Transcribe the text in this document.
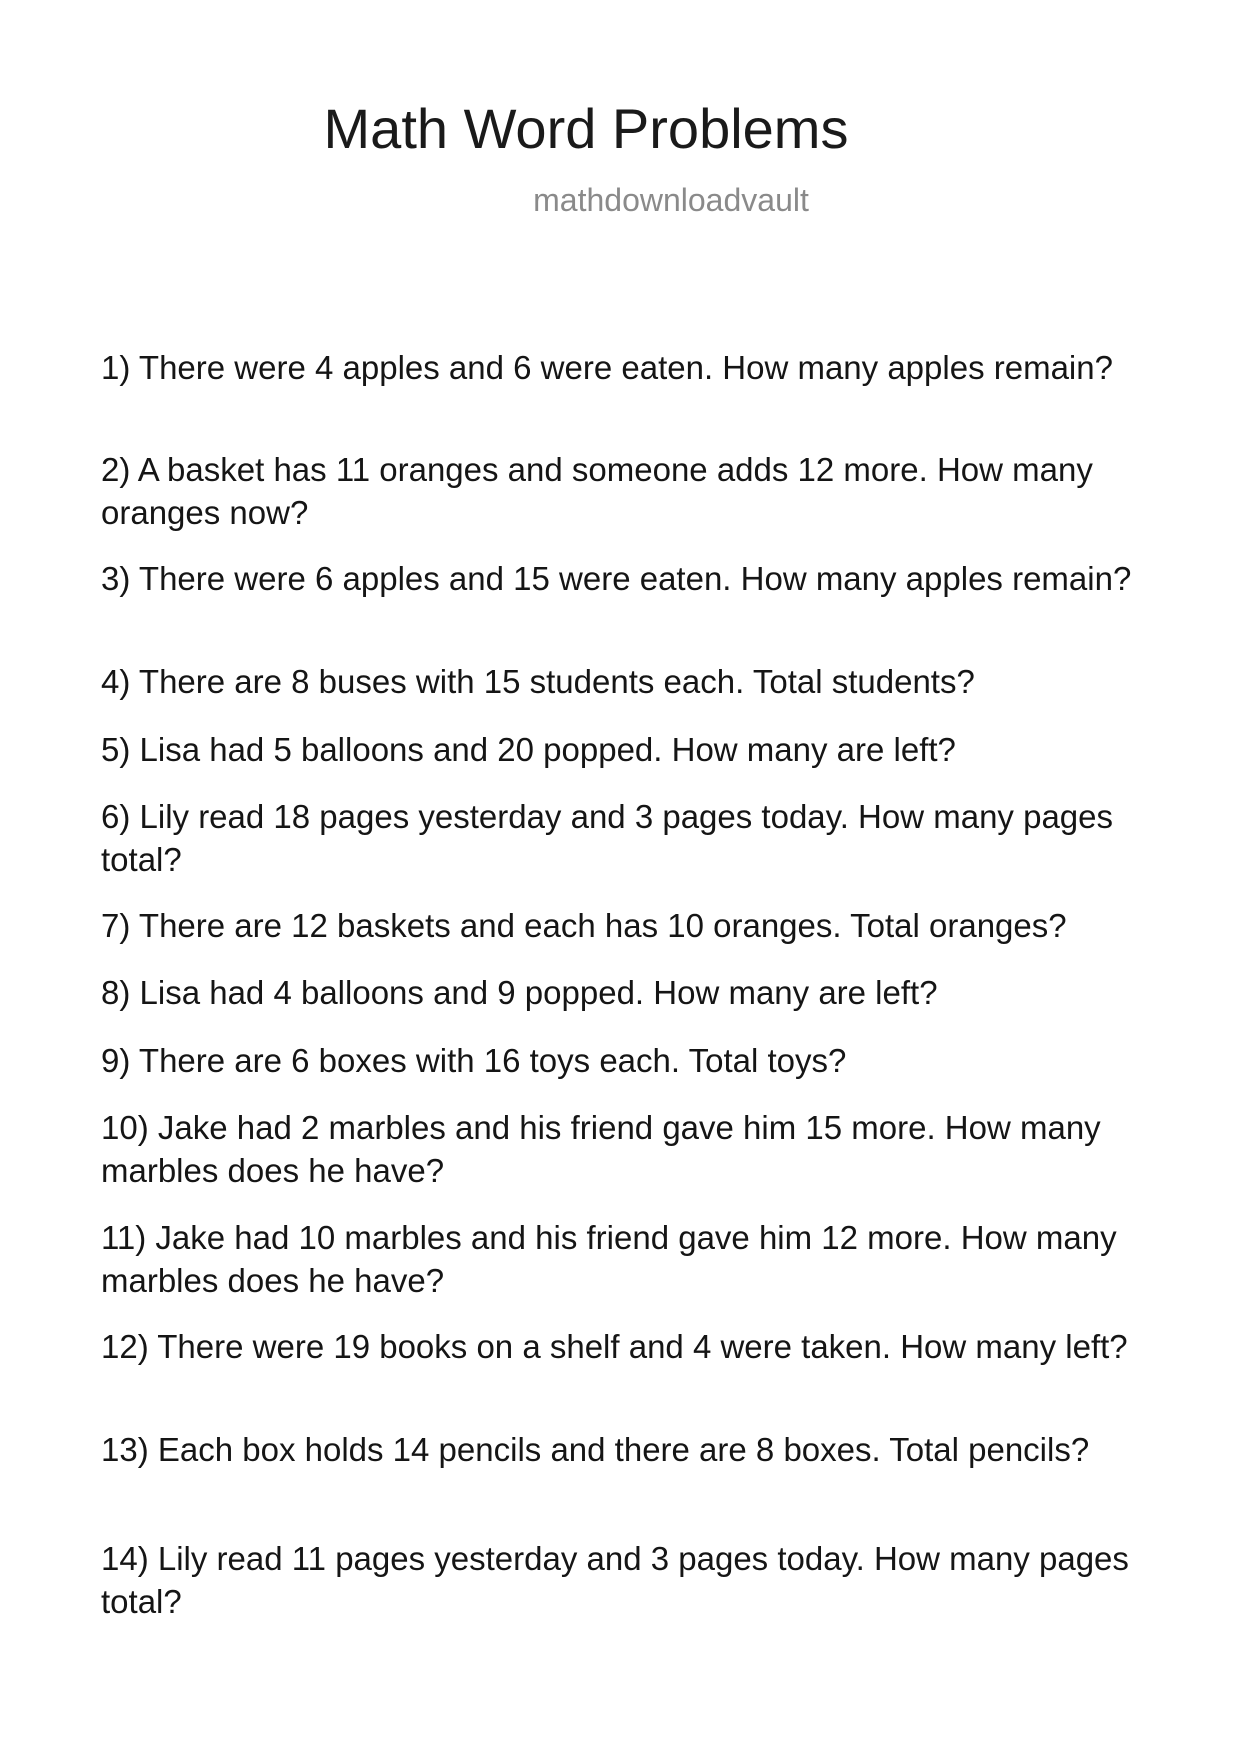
Math Word Problems
mathdownloadvault

1) There were 4 apples and 6 were eaten. How many apples remain?

2) A basket has 11 oranges and someone adds 12 more. How many oranges now?

3) There were 6 apples and 15 were eaten. How many apples remain?

4) There are 8 buses with 15 students each. Total students?

5) Lisa had 5 balloons and 20 popped. How many are left?

6) Lily read 18 pages yesterday and 3 pages today. How many pages total?

7) There are 12 baskets and each has 10 oranges. Total oranges?

8) Lisa had 4 balloons and 9 popped. How many are left?

9) There are 6 boxes with 16 toys each. Total toys?

10) Jake had 2 marbles and his friend gave him 15 more. How many marbles does he have?

11) Jake had 10 marbles and his friend gave him 12 more. How many marbles does he have?

12) There were 19 books on a shelf and 4 were taken. How many left?

13) Each box holds 14 pencils and there are 8 boxes. Total pencils?

14) Lily read 11 pages yesterday and 3 pages today. How many pages total?
